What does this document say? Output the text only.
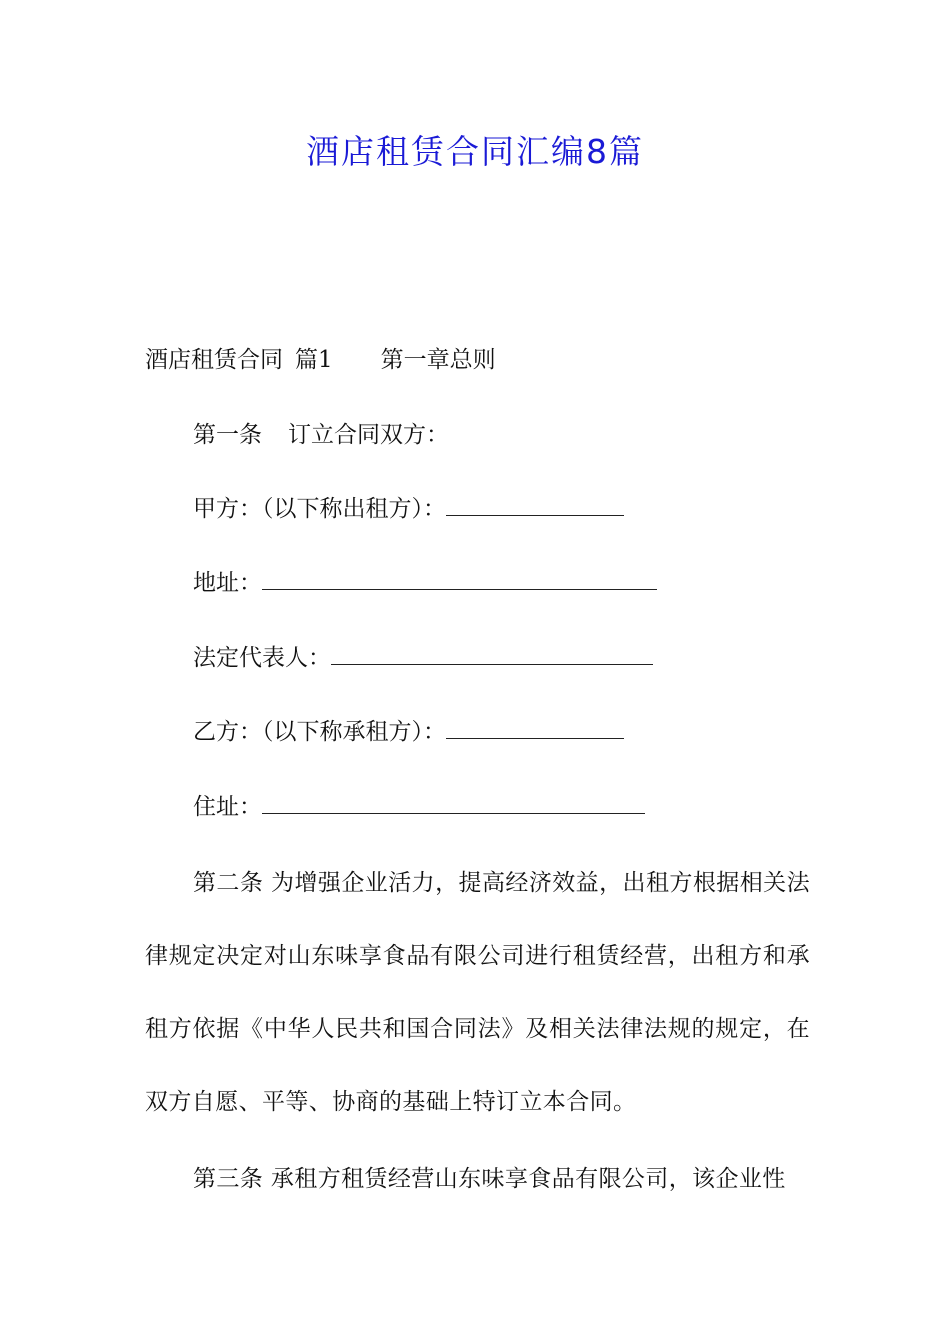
酒店租赁合同汇编8篇
酒店租赁合同 篇1 第一章总则
第一条 订立合同双方：
甲方：（以下称出租方）：
地址：
法定代表人：
乙方：（以下称承租方）：
住址：

第二条 为增强企业活力，提高经济效益，出租方根据相关法律规定决定对山东味享食品有限公司进行租赁经营，出租方和承租方依据《中华人民共和国合同法》及相关法律法规的规定，在双方自愿、平等、协商的基础上特订立本合同。

第三条 承租方租赁经营山东味享食品有限公司，该企业性
